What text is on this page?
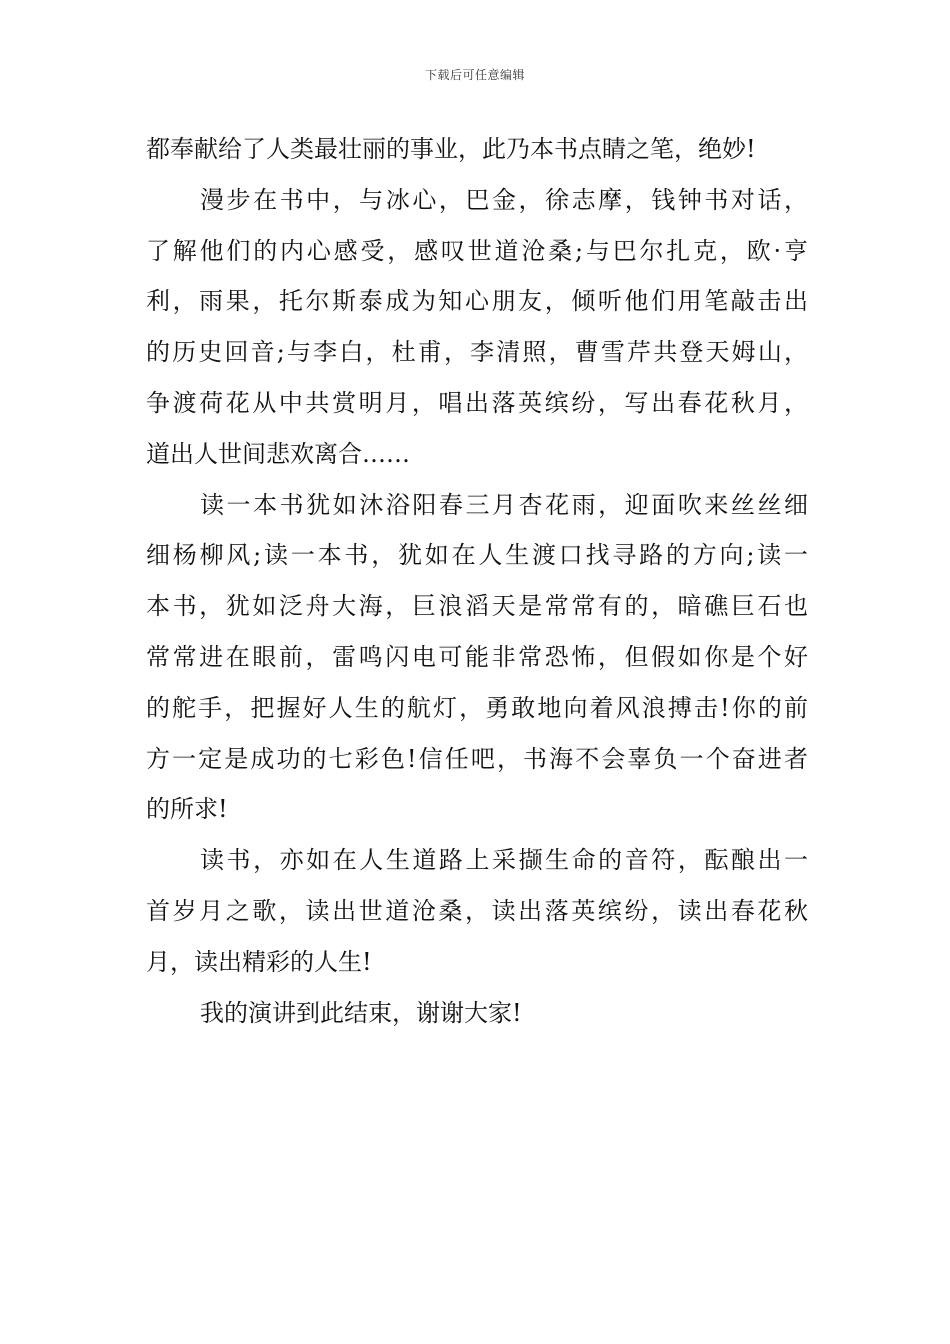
下载后可任意编辑
都奉献给了人类最壮丽的事业，此乃本书点睛之笔，绝妙!
漫步在书中，与冰心，巴金，徐志摩，钱钟书对话，
了解他们的内心感受，感叹世道沧桑;与巴尔扎克，欧·亨
利，雨果，托尔斯泰成为知心朋友，倾听他们用笔敲击出
的历史回音;与李白，杜甫，李清照，曹雪芹共登天姆山，
争渡荷花从中共赏明月，唱出落英缤纷，写出春花秋月，
道出人世间悲欢离合……
读一本书犹如沐浴阳春三月杏花雨，迎面吹来丝丝细
细杨柳风;读一本书，犹如在人生渡口找寻路的方向;读一
本书，犹如泛舟大海，巨浪滔天是常常有的，暗礁巨石也
常常进在眼前，雷鸣闪电可能非常恐怖，但假如你是个好
的舵手，把握好人生的航灯，勇敢地向着风浪搏击!你的前
方一定是成功的七彩色!信任吧，书海不会辜负一个奋进者
的所求!
读书，亦如在人生道路上采撷生命的音符，酝酿出一
首岁月之歌，读出世道沧桑，读出落英缤纷，读出春花秋
月，读出精彩的人生!
我的演讲到此结束，谢谢大家!
